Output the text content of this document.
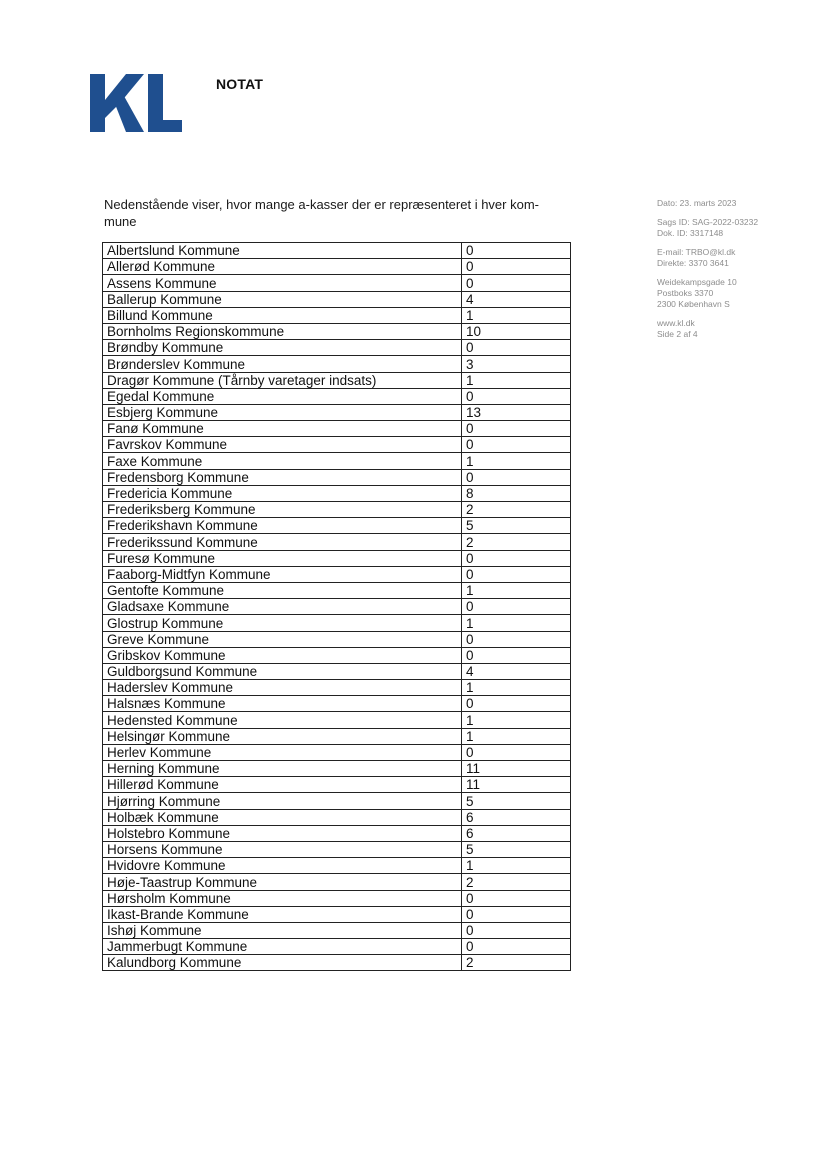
NOTAT
Nedenstående viser, hvor mange a-kasser der er repræsenteret i hver kom-mune
Dato: 23. marts 2023
Sags ID: SAG-2022-03232
Dok. ID: 3317148
E-mail: TRBO@kl.dk
Direkte: 3370 3641
Weidekampsgade 10
Postboks 3370
2300 København S
www.kl.dk
Side 2 af 4
Albertslund Kommune	0
Allerød Kommune	0
Assens Kommune	0
Ballerup Kommune	4
Billund Kommune	1
Bornholms Regionskommune	10
Brøndby Kommune	0
Brønderslev Kommune	3
Dragør Kommune (Tårnby varetager indsats)	1
Egedal Kommune	0
Esbjerg Kommune	13
Fanø Kommune	0
Favrskov Kommune	0
Faxe Kommune	1
Fredensborg Kommune	0
Fredericia Kommune	8
Frederiksberg Kommune	2
Frederikshavn Kommune	5
Frederikssund Kommune	2
Furesø Kommune	0
Faaborg-Midtfyn Kommune	0
Gentofte Kommune	1
Gladsaxe Kommune	0
Glostrup Kommune	1
Greve Kommune	0
Gribskov Kommune	0
Guldborgsund Kommune	4
Haderslev Kommune	1
Halsnæs Kommune	0
Hedensted Kommune	1
Helsingør Kommune	1
Herlev Kommune	0
Herning Kommune	11
Hillerød Kommune	11
Hjørring Kommune	5
Holbæk Kommune	6
Holstebro Kommune	6
Horsens Kommune	5
Hvidovre Kommune	1
Høje-Taastrup Kommune	2
Hørsholm Kommune	0
Ikast-Brande Kommune	0
Ishøj Kommune	0
Jammerbugt Kommune	0
Kalundborg Kommune	2
